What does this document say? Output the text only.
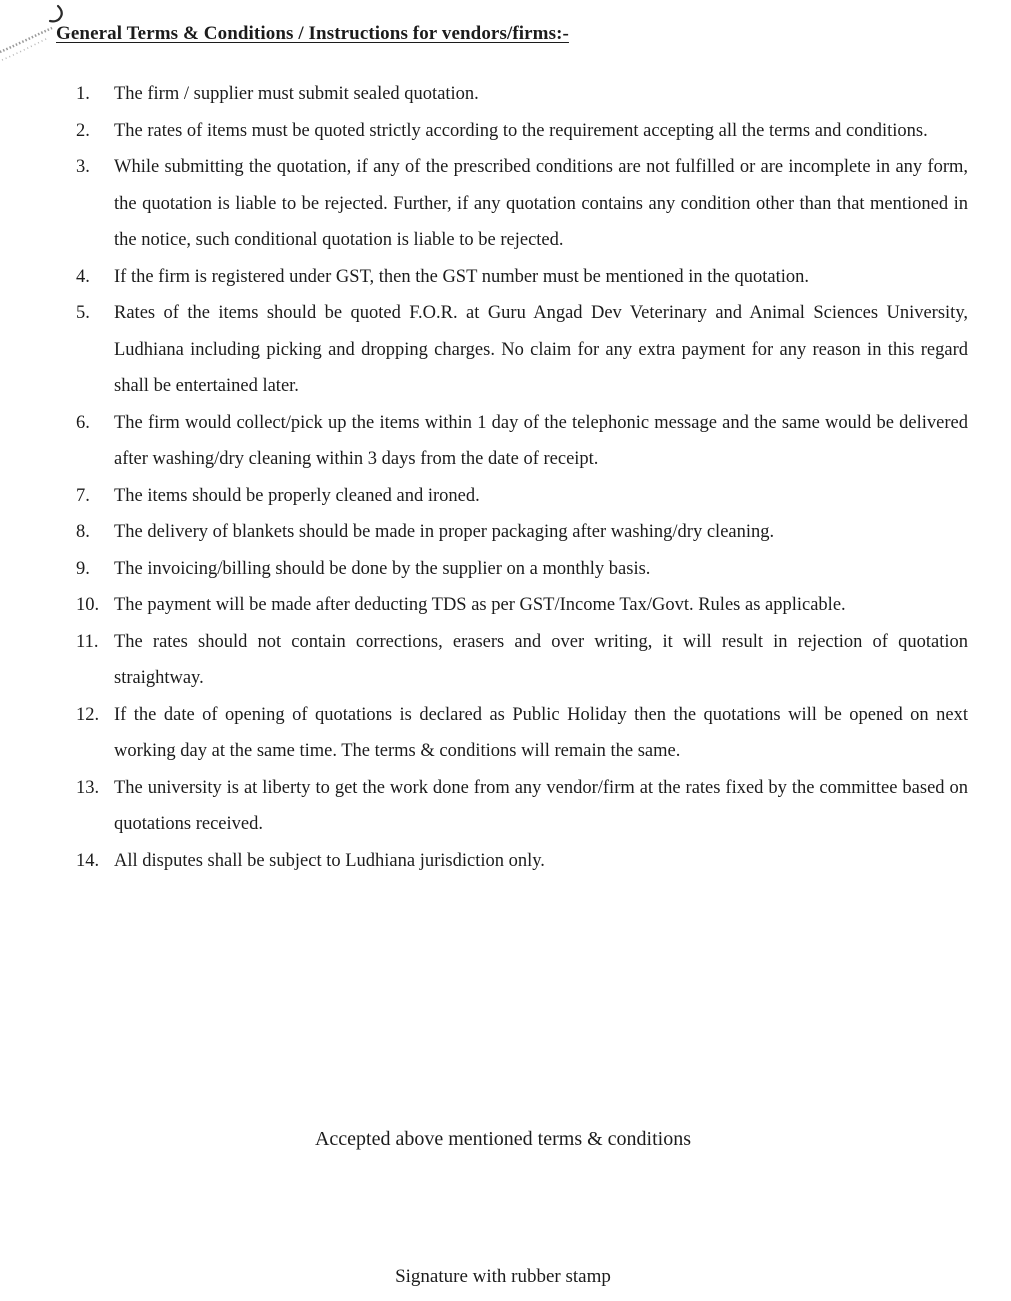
General Terms & Conditions / Instructions for vendors/firms:-
1.	The firm / supplier must submit sealed quotation.
2.	The rates of items must be quoted strictly according to the requirement accepting all the terms and conditions.
3.	While submitting the quotation, if any of the prescribed conditions are not fulfilled or are incomplete in any form, the quotation is liable to be rejected. Further, if any quotation contains any condition other than that mentioned in the notice, such conditional quotation is liable to be rejected.
4.	If the firm is registered under GST, then the GST number must be mentioned in the quotation.
5.	Rates of the items should be quoted F.O.R. at Guru Angad Dev Veterinary and Animal Sciences University, Ludhiana including picking and dropping charges. No claim for any extra payment for any reason in this regard shall be entertained later.
6.	The firm would collect/pick up the items within 1 day of the telephonic message and the same would be delivered after washing/dry cleaning within 3 days from the date of receipt.
7.	The items should be properly cleaned and ironed.
8.	The delivery of blankets should be made in proper packaging after washing/dry cleaning.
9.	The invoicing/billing should be done by the supplier on a monthly basis.
10. The payment will be made after deducting TDS as per GST/Income Tax/Govt. Rules as applicable.
11. The rates should not contain corrections, erasers and over writing, it will result in rejection of quotation straightway.
12. If the date of opening of quotations is declared as Public Holiday then the quotations will be opened on next working day at the same time. The terms & conditions will remain the same.
13. The university is at liberty to get the work done from any vendor/firm at the rates fixed by the committee based on quotations received.
14. All disputes shall be subject to Ludhiana jurisdiction only.

Accepted above mentioned terms & conditions

Signature with rubber stamp
